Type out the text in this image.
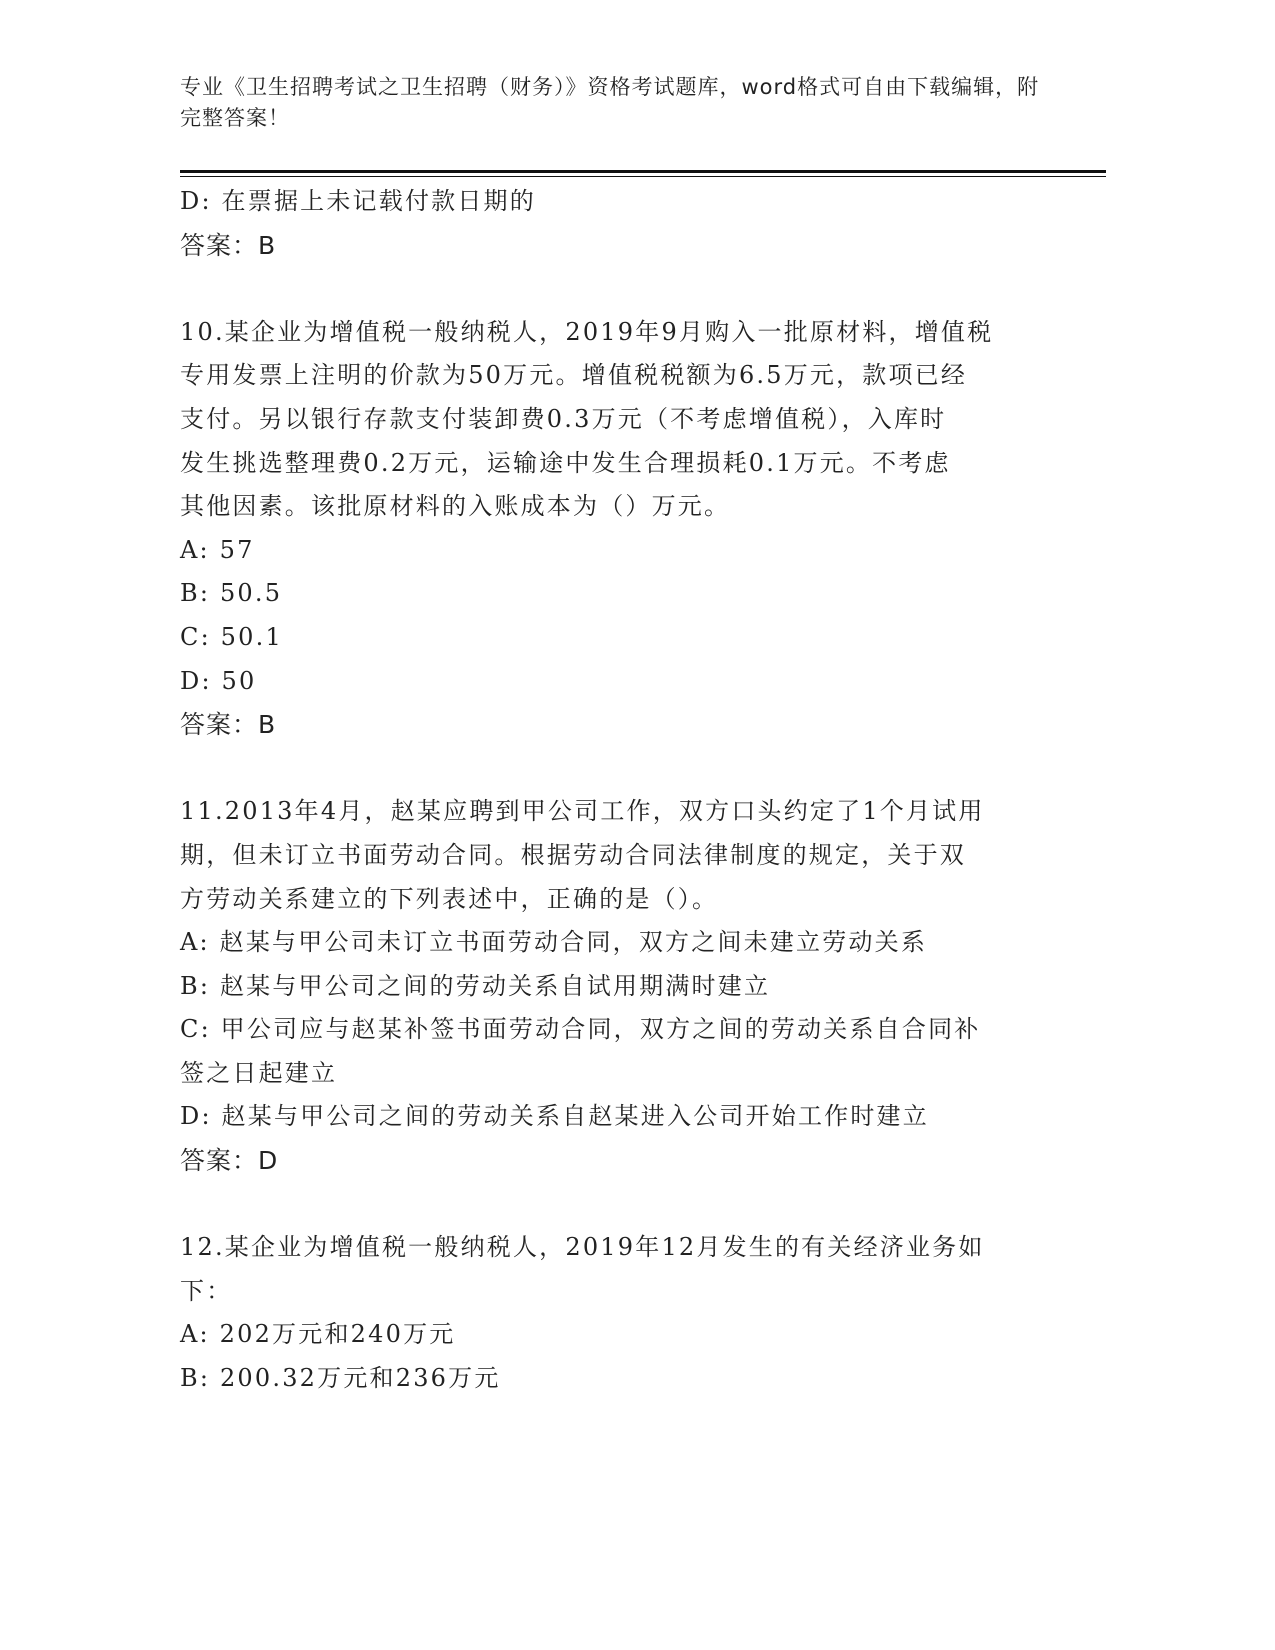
专业《卫生招聘考试之卫生招聘（财务）》资格考试题库，word格式可自由下载编辑，附完整答案！
D: 在票据上未记载付款日期的
答案：B
10.某企业为增值税一般纳税人，2019年9月购入一批原材料，增值税
专用发票上注明的价款为50万元。增值税税额为6.5万元，款项已经
支付。另以银行存款支付装卸费0.3万元（不考虑增值税），入库时
发生挑选整理费0.2万元，运输途中发生合理损耗0.1万元。不考虑
其他因素。该批原材料的入账成本为（）万元。
A: 57
B: 50.5
C: 50.1
D: 50
答案：B
11.2013年4月，赵某应聘到甲公司工作，双方口头约定了1个月试用
期，但未订立书面劳动合同。根据劳动合同法律制度的规定，关于双
方劳动关系建立的下列表述中，正确的是（）。
A: 赵某与甲公司未订立书面劳动合同，双方之间未建立劳动关系
B: 赵某与甲公司之间的劳动关系自试用期满时建立
C: 甲公司应与赵某补签书面劳动合同，双方之间的劳动关系自合同补
签之日起建立
D: 赵某与甲公司之间的劳动关系自赵某进入公司开始工作时建立
答案：D
12.某企业为增值税一般纳税人，2019年12月发生的有关经济业务如
下：
A: 202万元和240万元
B: 200.32万元和236万元
